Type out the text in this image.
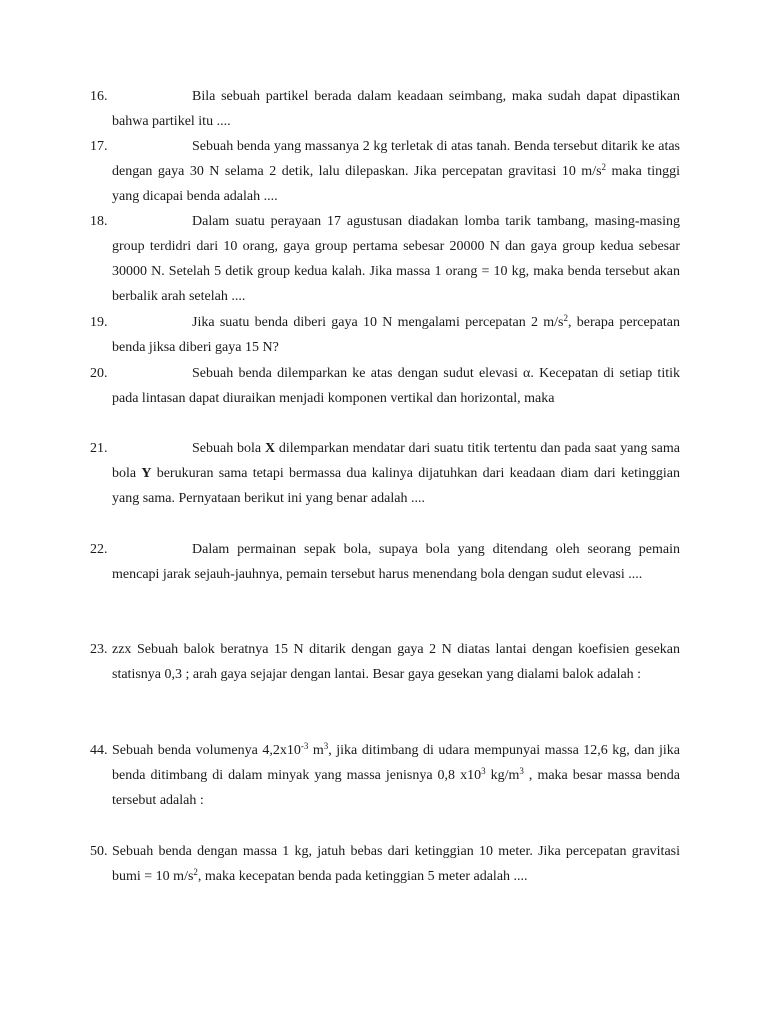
16.	Bila sebuah partikel berada dalam keadaan seimbang, maka sudah dapat dipastikan bahwa partikel itu ....
17.	Sebuah benda yang massanya 2 kg terletak di atas tanah. Benda tersebut ditarik ke atas dengan gaya 30 N selama 2 detik, lalu dilepaskan. Jika percepatan gravitasi 10 $m/s^2$ maka tinggi yang dicapai benda adalah ....
18.	Dalam suatu perayaan 17 agustusan diadakan lomba tarik tambang, masing-masing group terdidri dari 10 orang, gaya group pertama sebesar 20000 N dan gaya group kedua sebesar 30000 N. Setelah 5 detik group kedua kalah. Jika massa 1 orang = 10 kg, maka benda tersebut akan berbalik arah setelah ....
19.	Jika suatu benda diberi gaya 10 N mengalami percepatan 2 $m/s^2$, berapa percepatan benda jiksa diberi gaya 15 N?
20.	Sebuah benda dilemparkan ke atas dengan sudut elevasi α. Kecepatan di setiap titik pada lintasan dapat diuraikan menjadi komponen vertikal dan horizontal, maka
21.	Sebuah bola X dilemparkan mendatar dari suatu titik tertentu dan pada saat yang sama bola Y berukuran sama tetapi bermassa dua kalinya dijatuhkan dari keadaan diam dari ketinggian yang sama. Pernyataan berikut ini yang benar adalah ....
22.	Dalam permainan sepak bola, supaya bola yang ditendang oleh seorang pemain mencapi jarak sejauh-jauhnya, pemain tersebut harus menendang bola dengan sudut elevasi ....
23. zzx Sebuah balok beratnya 15 N ditarik dengan gaya 2 N diatas lantai dengan koefisien gesekan statisnya 0,3 ; arah gaya sejajar dengan lantai. Besar gaya gesekan yang dialami balok adalah :
44. Sebuah benda volumenya $4,2x10^{-3}$ $m^3$, jika ditimbang di udara mempunyai massa 12,6 kg, dan jika benda ditimbang di dalam minyak yang massa jenisnya 0,8 $x10^3$ $kg/m^3$ , maka besar massa benda tersebut adalah :
50. Sebuah benda dengan massa 1 kg, jatuh bebas dari ketinggian 10 meter. Jika percepatan gravitasi bumi = 10 $m/s^2$, maka kecepatan benda pada ketinggian 5 meter adalah ....
